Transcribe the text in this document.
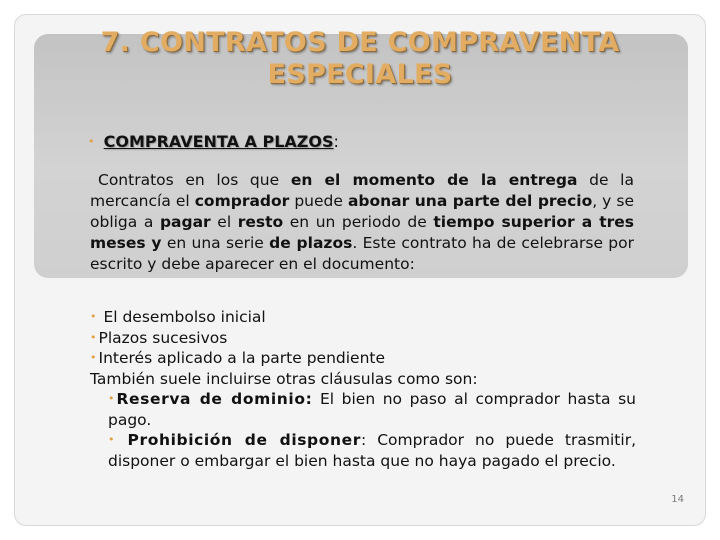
7. CONTRATOS DE COMPRAVENTA
ESPECIALES
• COMPRAVENTA A PLAZOS:

Contratos en los que en el momento de la entrega de la mercancía el comprador puede abonar una parte del precio, y se obliga a pagar el resto en un periodo de tiempo superior a tres meses y en una serie de plazos. Este contrato ha de celebrarse por escrito y debe aparecer en el documento:

• El desembolso inicial
• Plazos sucesivos
• Interés aplicado a la parte pendiente
También suele incluirse otras cláusulas como son:
• Reserva de dominio: El bien no paso al comprador hasta su pago.
• Prohibición de disponer: Comprador no puede trasmitir, disponer o embargar el bien hasta que no haya pagado el precio.
14
